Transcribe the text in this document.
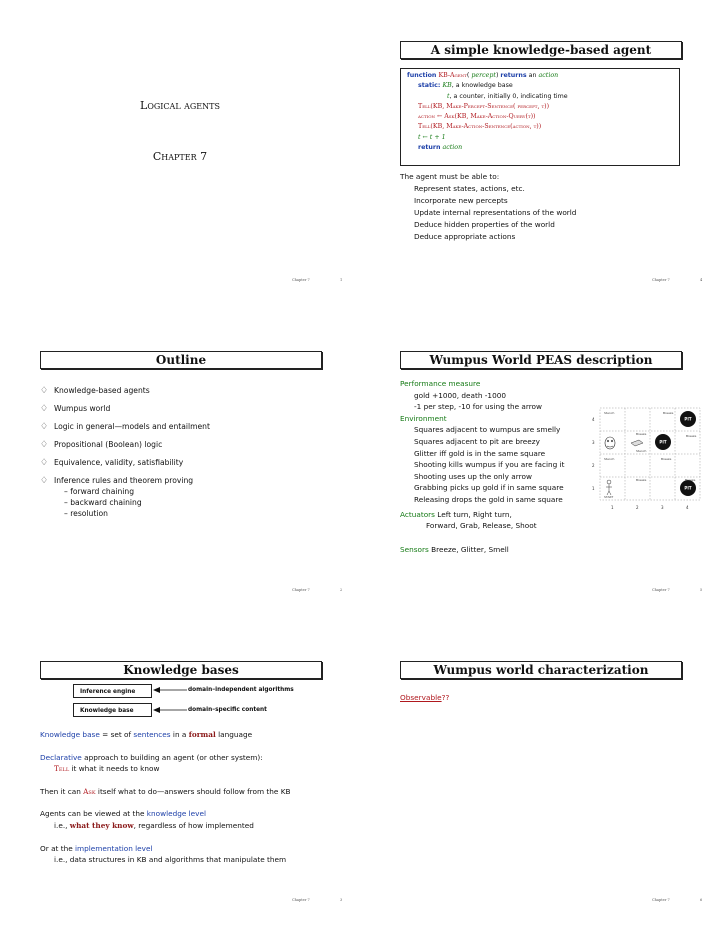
Logical agents
Chapter 7
Chapter 7	1
A simple knowledge-based agent
function KB-Agent( percept) returns an action
static: KB, a knowledge base
t, a counter, initially 0, indicating time
Tell(KB, Make-Percept-Sentence( percept, t))
action ← Ask(KB, Make-Action-Query(t))
Tell(KB, Make-Action-Sentence(action, t))
t ← t + 1
return action
The agent must be able to:
Represent states, actions, etc.
Incorporate new percepts
Update internal representations of the world
Deduce hidden properties of the world
Deduce appropriate actions
Chapter 7	4
Outline
♢ Knowledge-based agents
♢ Wumpus world
♢ Logic in general—models and entailment
♢ Propositional (Boolean) logic
♢ Equivalence, validity, satisfiability
♢ Inference rules and theorem proving
– forward chaining
– backward chaining
– resolution
Chapter 7	2
Wumpus World PEAS description
Performance measure
gold +1000, death -1000
-1 per step, -10 for using the arrow
Environment
Squares adjacent to wumpus are smelly
Squares adjacent to pit are breezy
Glitter iff gold is in the same square
Shooting kills wumpus if you are facing it
Shooting uses up the only arrow
Grabbing picks up gold if in same square
Releasing drops the gold in same square
Actuators Left turn, Right turn,
Forward, Grab, Release, Shoot
Sensors Breeze, Glitter, Smell
4
3
2
1
1	2	3	4
PIT
PIT
PIT
Stench	Breeze
Breeze	Breeze
Stench
Stench	Breeze
Breeze	Breeze
START
Chapter 7	5
Knowledge bases
Inference engine
Knowledge base
domain–independent algorithms
domain–specific content
Knowledge base = set of sentences in a formal language
Declarative approach to building an agent (or other system):
Tell it what it needs to know
Then it can Ask itself what to do—answers should follow from the KB
Agents can be viewed at the knowledge level
i.e., what they know, regardless of how implemented
Or at the implementation level
i.e., data structures in KB and algorithms that manipulate them
Chapter 7	3
Wumpus world characterization
Observable??
Chapter 7	6
